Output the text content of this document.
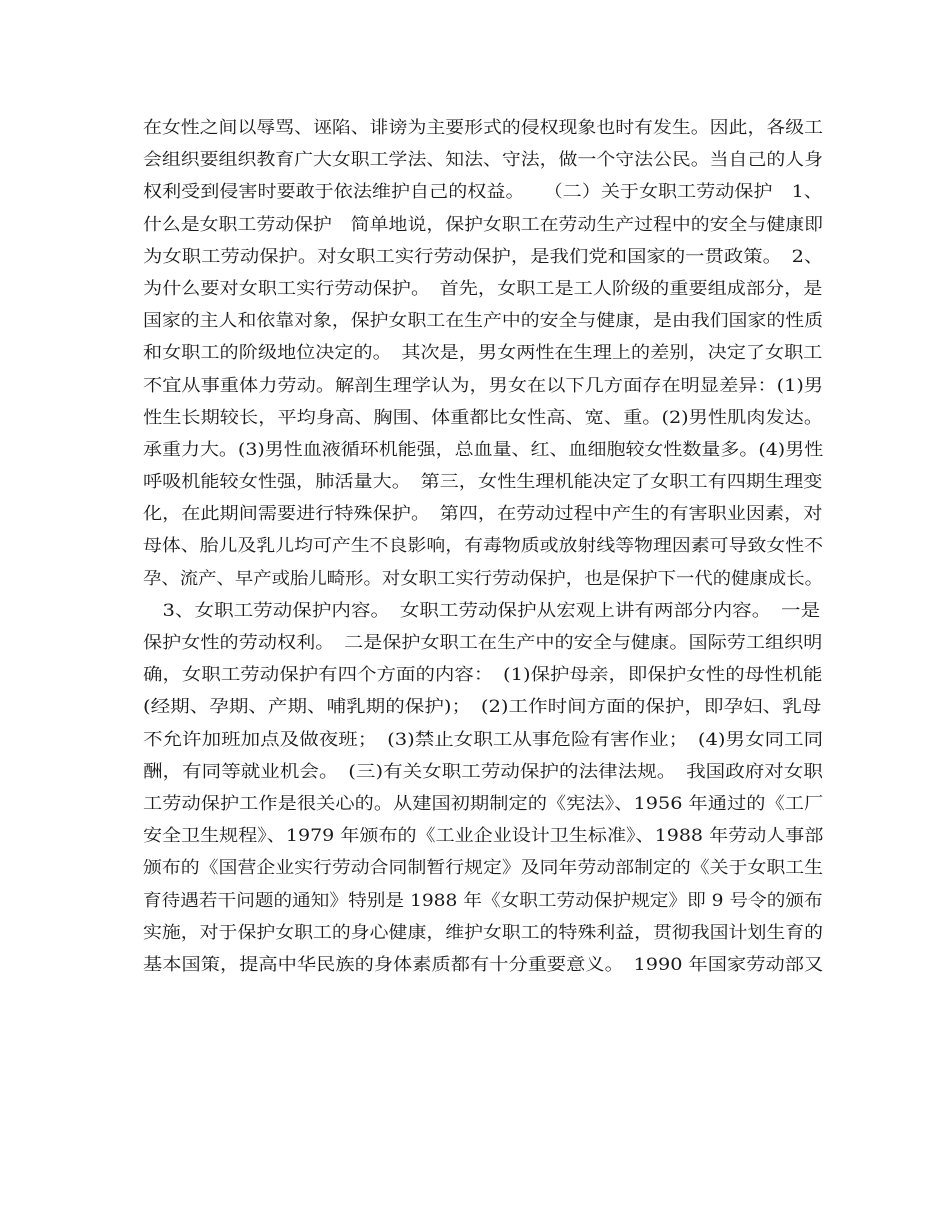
在女性之间以辱骂、诬陷、诽谤为主要形式的侵权现象也时有发生。因此，各级工
会组织要组织教育广大女职工学法、知法、守法，做一个守法公民。当自己的人身
权利受到侵害时要敢于依法维护自己的权益。　　（二）关于女职工劳动保护　1、
什么是女职工劳动保护　简单地说，保护女职工在劳动生产过程中的安全与健康即
为女职工劳动保护。对女职工实行劳动保护，是我们党和国家的一贯政策。　2、
为什么要对女职工实行劳动保护。　首先，女职工是工人阶级的重要组成部分，是
国家的主人和依靠对象，保护女职工在生产中的安全与健康，是由我们国家的性质
和女职工的阶级地位决定的。　其次是，男女两性在生理上的差别，决定了女职工
不宜从事重体力劳动。解剖生理学认为，男女在以下几方面存在明显差异：(1)男
性生长期较长，平均身高、胸围、体重都比女性高、宽、重。(2)男性肌肉发达。
承重力大。(3)男性血液循环机能强，总血量、红、血细胞较女性数量多。(4)男性
呼吸机能较女性强，肺活量大。　第三，女性生理机能决定了女职工有四期生理变
化，在此期间需要进行特殊保护。　第四，在劳动过程中产生的有害职业因素，对
母体、胎儿及乳儿均可产生不良影响，有毒物质或放射线等物理因素可导致女性不
孕、流产、早产或胎儿畸形。对女职工实行劳动保护，也是保护下一代的健康成长。
　3、女职工劳动保护内容。　女职工劳动保护从宏观上讲有两部分内容。　一是
保护女性的劳动权利。　二是保护女职工在生产中的安全与健康。国际劳工组织明
确，女职工劳动保护有四个方面的内容：　(1)保护母亲，即保护女性的母性机能
(经期、孕期、产期、哺乳期的保护)；　(2)工作时间方面的保护，即孕妇、乳母
不允许加班加点及做夜班；　(3)禁止女职工从事危险有害作业；　(4)男女同工同
酬，有同等就业机会。　(三)有关女职工劳动保护的法律法规。　我国政府对女职
工劳动保护工作是很关心的。从建国初期制定的《宪法》、1956 年通过的《工厂
安全卫生规程》、1979 年颁布的《工业企业设计卫生标准》、1988 年劳动人事部
颁布的《国营企业实行劳动合同制暂行规定》及同年劳动部制定的《关于女职工生
育待遇若干问题的通知》特别是 1988 年《女职工劳动保护规定》即 9 号令的颁布
实施，对于保护女职工的身心健康，维护女职工的特殊利益，贯彻我国计划生育的
基本国策，提高中华民族的身体素质都有十分重要意义。　1990 年国家劳动部又
